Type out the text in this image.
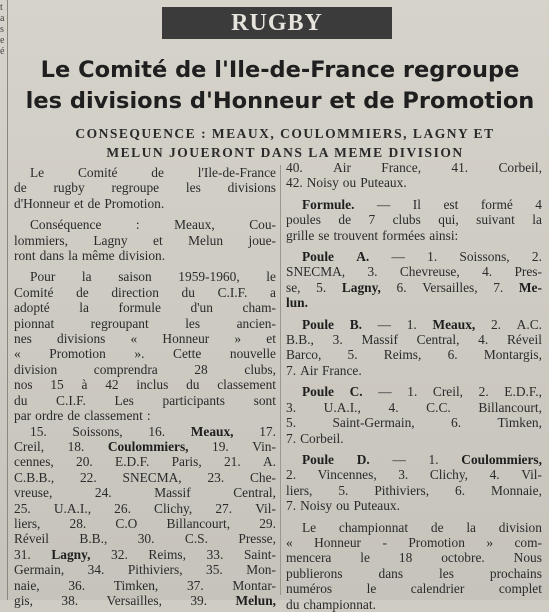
t a s e é
RUGBY
Le Comité de l'Ile-de-France regroupe
les divisions d'Honneur et de Promotion
CONSEQUENCE : MEAUX, COULOMMIERS, LAGNY ET
MELUN JOUERONT DANS LA MEME DIVISION
Le	Comité	de	l'Ile-de-France
de rugby regroupe les divisions
d'Honneur et de Promotion.
Conséquence	:	Meaux,	Cou-
lommiers, Lagny et Melun joue-
ront dans la même division.
Pour la saison 1959-1960, le
Comité de direction du C.I.F. a
adopté la formule d'un cham-
pionnat	regroupant	les	ancien-
nes divisions « Honneur » et
« Promotion ». Cette nouvelle
division	comprendra	28	clubs,
nos 15 à 42 inclus du classement
du C.I.F. Les participants sont
par ordre de classement :
15. Soissons, 16. Meaux, 17.
Creil, 18. Coulommiers, 19. Vin-
cennes, 20. E.D.F. Paris, 21. A.
C.B.B., 22. SNECMA, 23. Che-
vreuse,	24.	Massif	Central,
25. U.A.I., 26. Clichy, 27. Vil-
liers, 28. C.O Billancourt, 29.
Réveil B.B., 30. C.S. Presse,
31. Lagny, 32. Reims, 33. Saint-
Germain, 34. Pithiviers, 35. Mon-
naie, 36. Timken, 37. Montar-
gis, 38. Versailles, 39. Melun,
40. Air France, 41. Corbeil,
42. Noisy ou Puteaux.
Formule. — Il est formé 4
poules de 7 clubs qui, suivant la
grille se trouvent formées ainsi:
Poule A. — 1. Soissons, 2.
SNECMA, 3. Chevreuse, 4. Pres-
se, 5. Lagny, 6. Versailles, 7. Me-
lun.
Poule B. — 1. Meaux, 2. A.C.
B.B., 3. Massif Central, 4. Réveil
Barco, 5. Reims, 6. Montargis,
7. Air France.
Poule C. — 1. Creil, 2. E.D.F.,
3. U.A.I., 4. C.C. Billancourt,
5.	Saint-Germain,	6.	Timken,
7. Corbeil.
Poule D. — 1. Coulommiers,
2. Vincennes, 3. Clichy, 4. Vil-
liers, 5. Pithiviers, 6. Monnaie,
7. Noisy ou Puteaux.
Le championnat de la division
« Honneur - Promotion » com-
mencera le 18 octobre. Nous
publierons	dans	les	prochains
numéros	le	calendrier	complet
du championnat.
